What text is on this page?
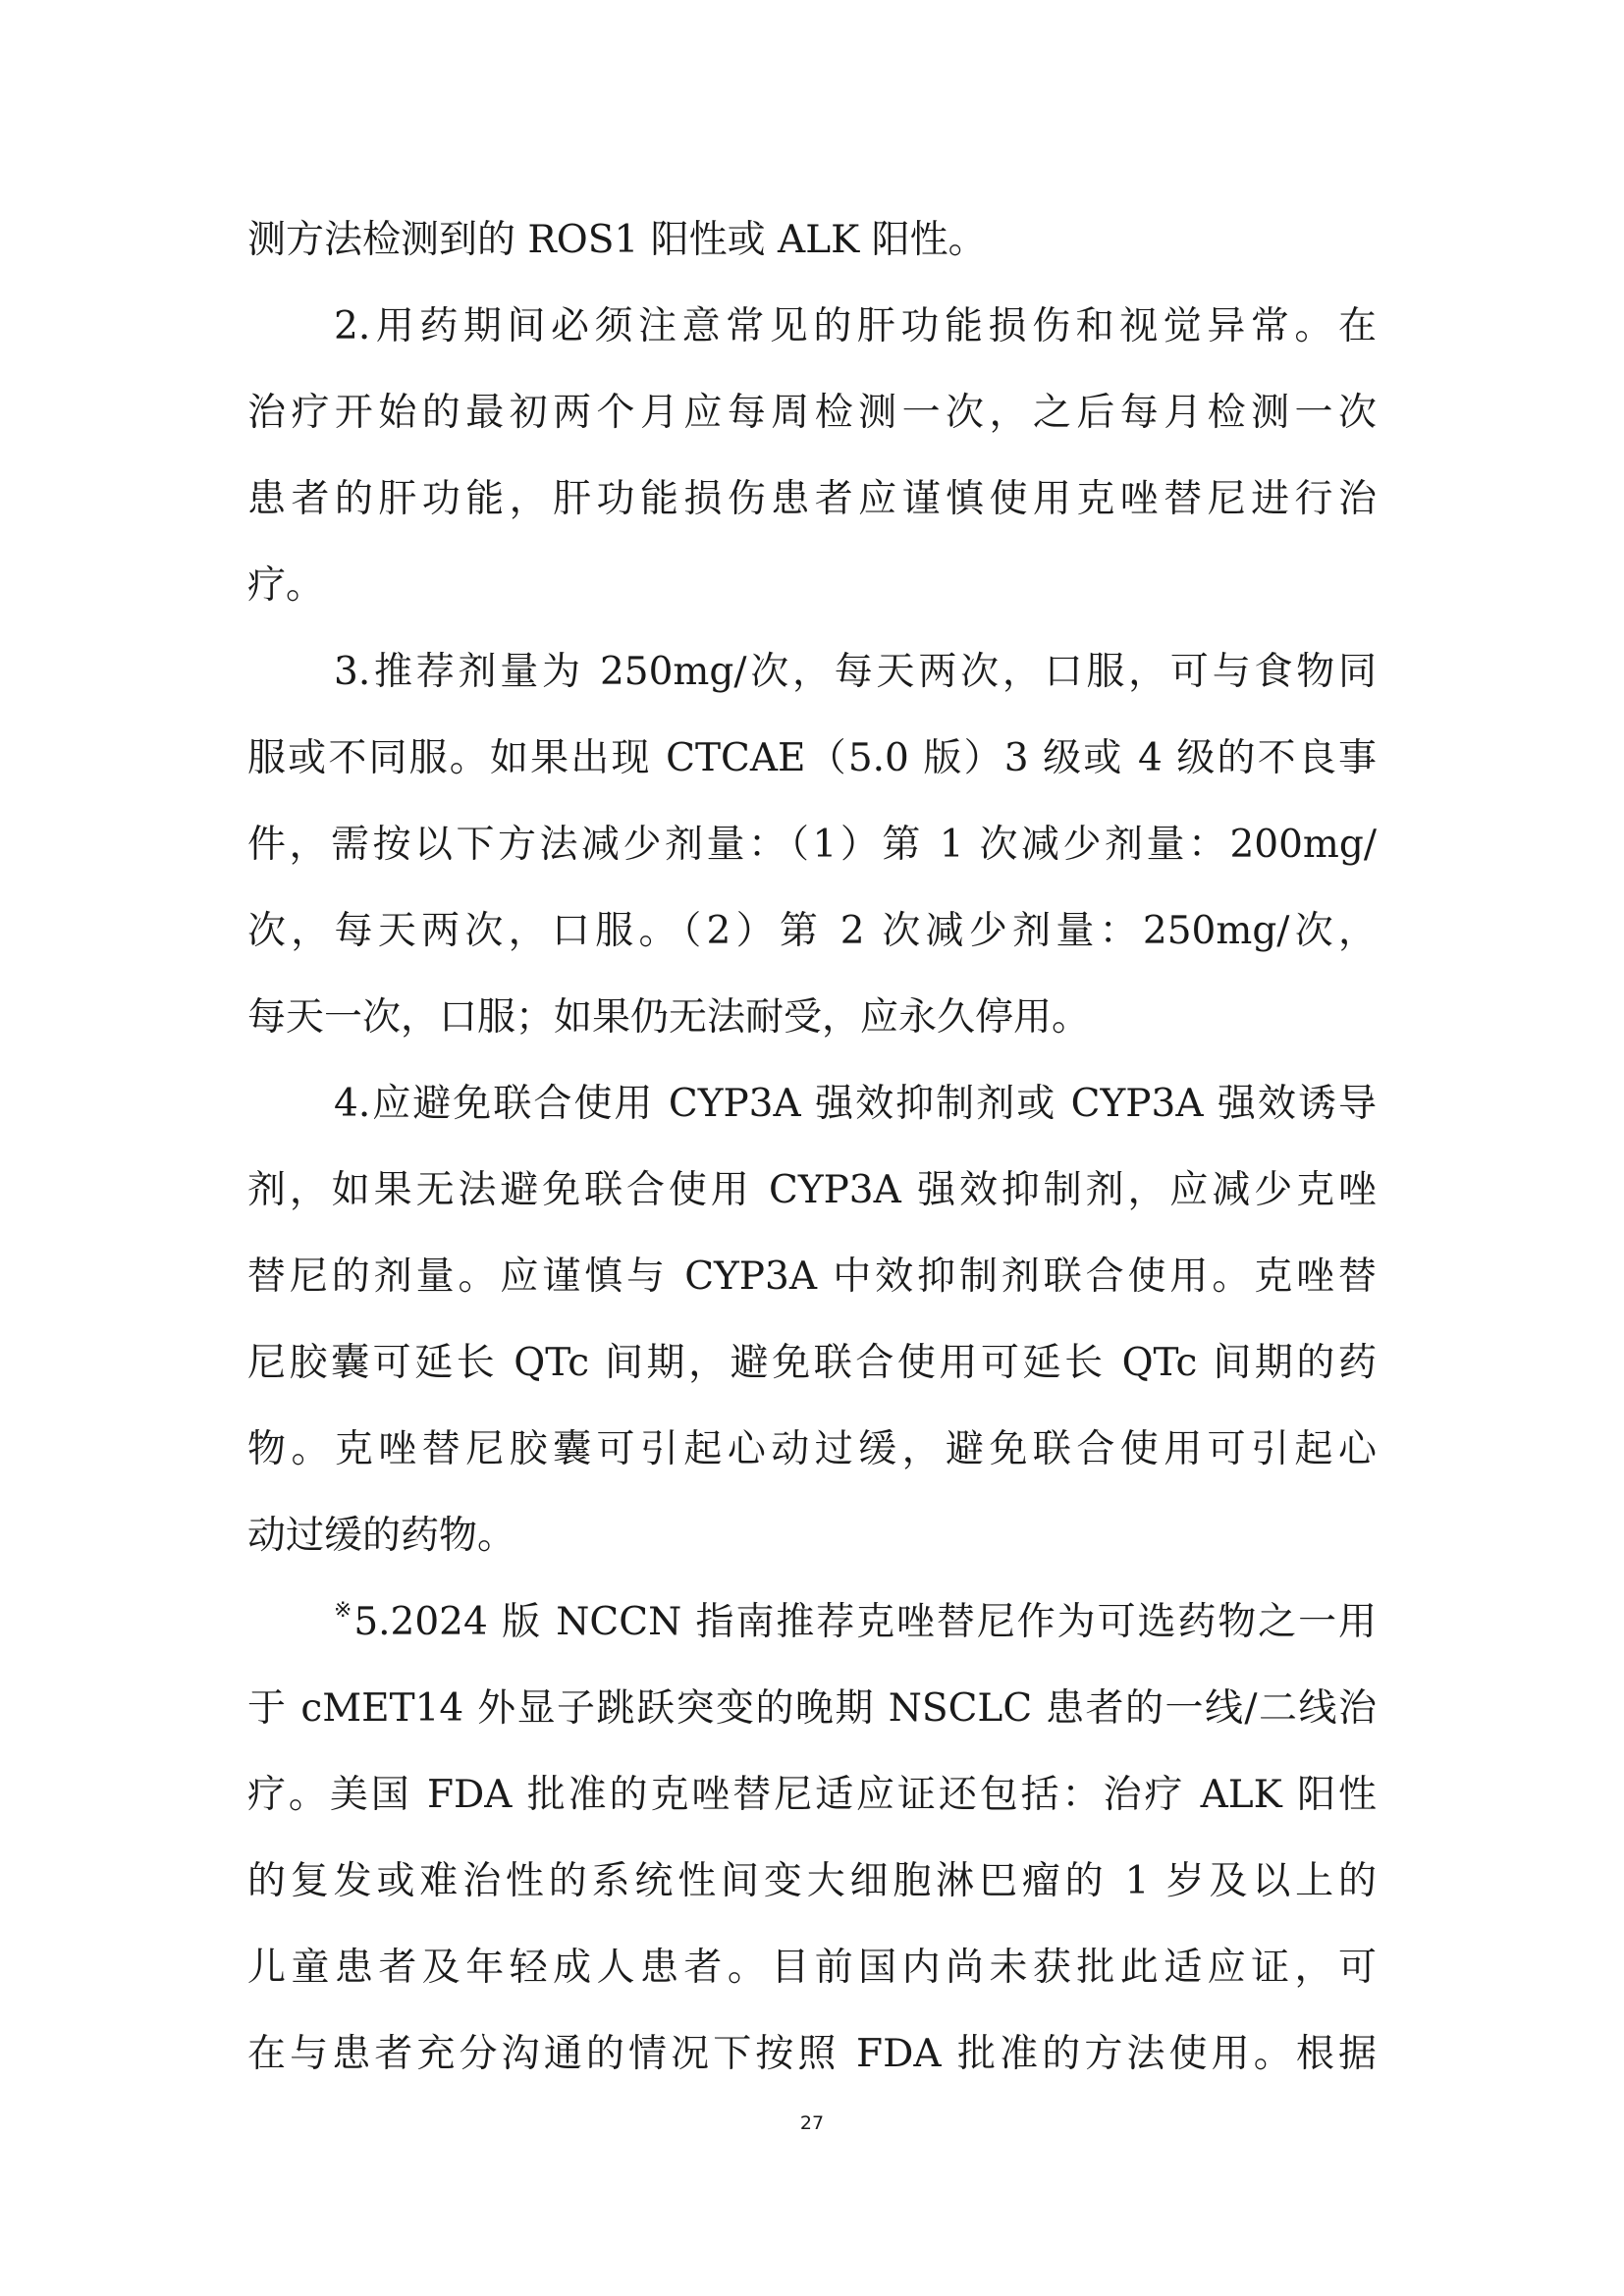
测方法检测到的 ROS1 阳性或 ALK 阳性。
2.用药期间必须注意常见的肝功能损伤和视觉异常。在
治疗开始的最初两个月应每周检测一次，之后每月检测一次
患者的肝功能，肝功能损伤患者应谨慎使用克唑替尼进行治
疗。
3.推荐剂量为 250mg/次，每天两次，口服，可与食物同
服或不同服。如果出现 CTCAE（5.0 版）3 级或 4 级的不良事
件，需按以下方法减少剂量：（1）第 1 次减少剂量：200mg/
次，每天两次，口服。（2）第 2 次减少剂量：250mg/次，
每天一次，口服；如果仍无法耐受，应永久停用。
4.应避免联合使用 CYP3A 强效抑制剂或 CYP3A 强效诱导
剂，如果无法避免联合使用 CYP3A 强效抑制剂，应减少克唑
替尼的剂量。应谨慎与 CYP3A 中效抑制剂联合使用。克唑替
尼胶囊可延长 QTc 间期，避免联合使用可延长 QTc 间期的药
物。克唑替尼胶囊可引起心动过缓，避免联合使用可引起心
动过缓的药物。
※5.2024 版 NCCN 指南推荐克唑替尼作为可选药物之一用
于 cMET14 外显子跳跃突变的晚期 NSCLC 患者的一线/二线治
疗。美国 FDA 批准的克唑替尼适应证还包括：治疗 ALK 阳性
的复发或难治性的系统性间变大细胞淋巴瘤的 1 岁及以上的
儿童患者及年轻成人患者。目前国内尚未获批此适应证，可
在与患者充分沟通的情况下按照 FDA 批准的方法使用。根据
27
